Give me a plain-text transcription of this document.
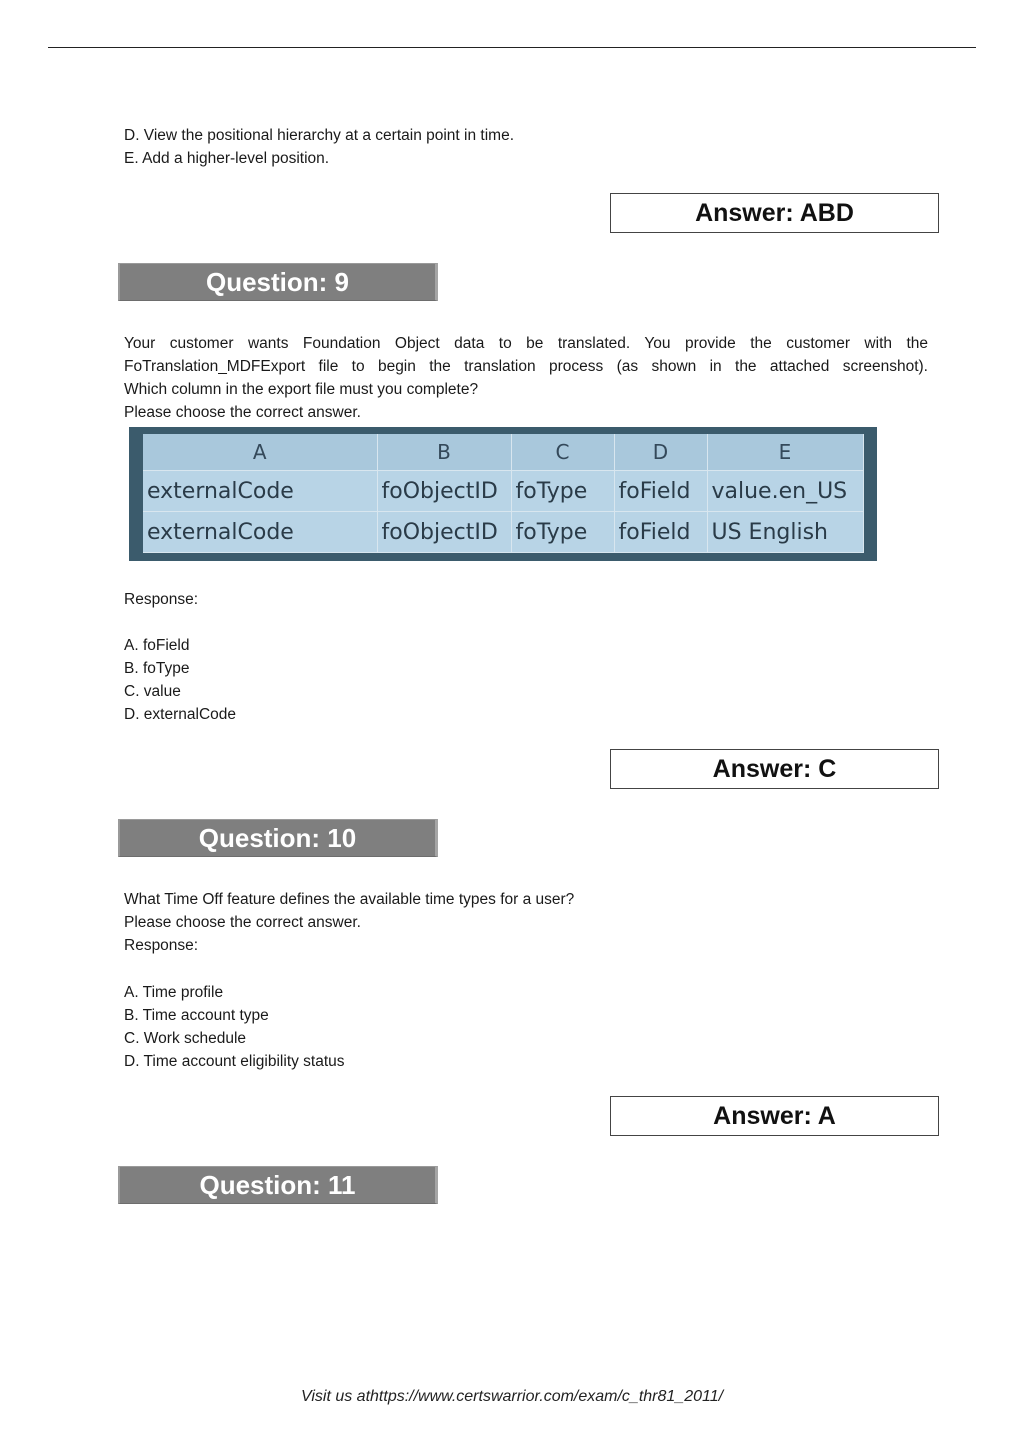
D. View the positional hierarchy at a certain point in time.
E. Add a higher-level position.
Answer: ABD
Question: 9
Your customer wants Foundation Object data to be translated. You provide the customer with the
FoTranslation_MDFExport file to begin the translation process (as shown in the attached screenshot).
Which column in the export file must you complete?
Please choose the correct answer.
A	B	C	D	E
externalCode	foObjectID	foType	foField	value.en_US
externalCode	foObjectID	foType	foField	US English
Response:
A. foField
B. foType
C. value
D. externalCode
Answer: C
Question: 10
What Time Off feature defines the available time types for a user?
Please choose the correct answer.
Response:
A. Time profile
B. Time account type
C. Work schedule
D. Time account eligibility status
Answer: A
Question: 11
Visit us athttps://www.certswarrior.com/exam/c_thr81_2011/
